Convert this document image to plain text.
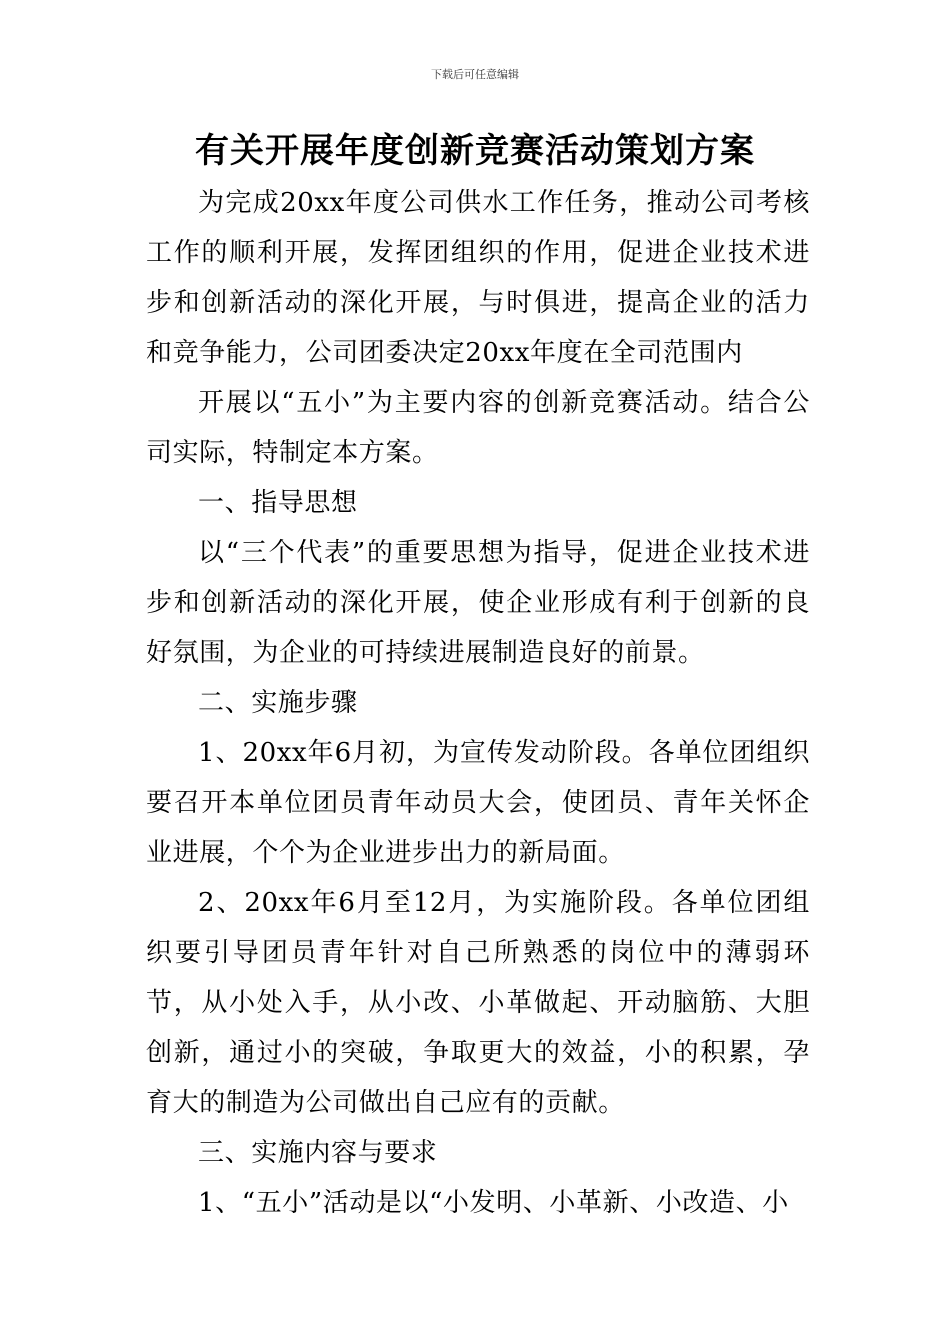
下载后可任意编辑
有关开展年度创新竞赛活动策划方案

为完成20xx年度公司供水工作任务，推动公司考核工作的顺利开展，发挥团组织的作用，促进企业技术进步和创新活动的深化开展，与时俱进，提高企业的活力和竞争能力，公司团委决定20xx年度在全司范围内

开展以“五小”为主要内容的创新竞赛活动。结合公司实际，特制定本方案。

一、指导思想

以“三个代表”的重要思想为指导，促进企业技术进步和创新活动的深化开展，使企业形成有利于创新的良好氛围，为企业的可持续进展制造良好的前景。

二、实施步骤

1、20xx年6月初，为宣传发动阶段。各单位团组织要召开本单位团员青年动员大会，使团员、青年关怀企业进展，个个为企业进步出力的新局面。

2、20xx年6月至12月，为实施阶段。各单位团组织要引导团员青年针对自己所熟悉的岗位中的薄弱环节，从小处入手，从小改、小革做起、开动脑筋、大胆创新，通过小的突破，争取更大的效益，小的积累，孕育大的制造为公司做出自己应有的贡献。

三、实施内容与要求

1、“五小”活动是以“小发明、小革新、小改造、小
